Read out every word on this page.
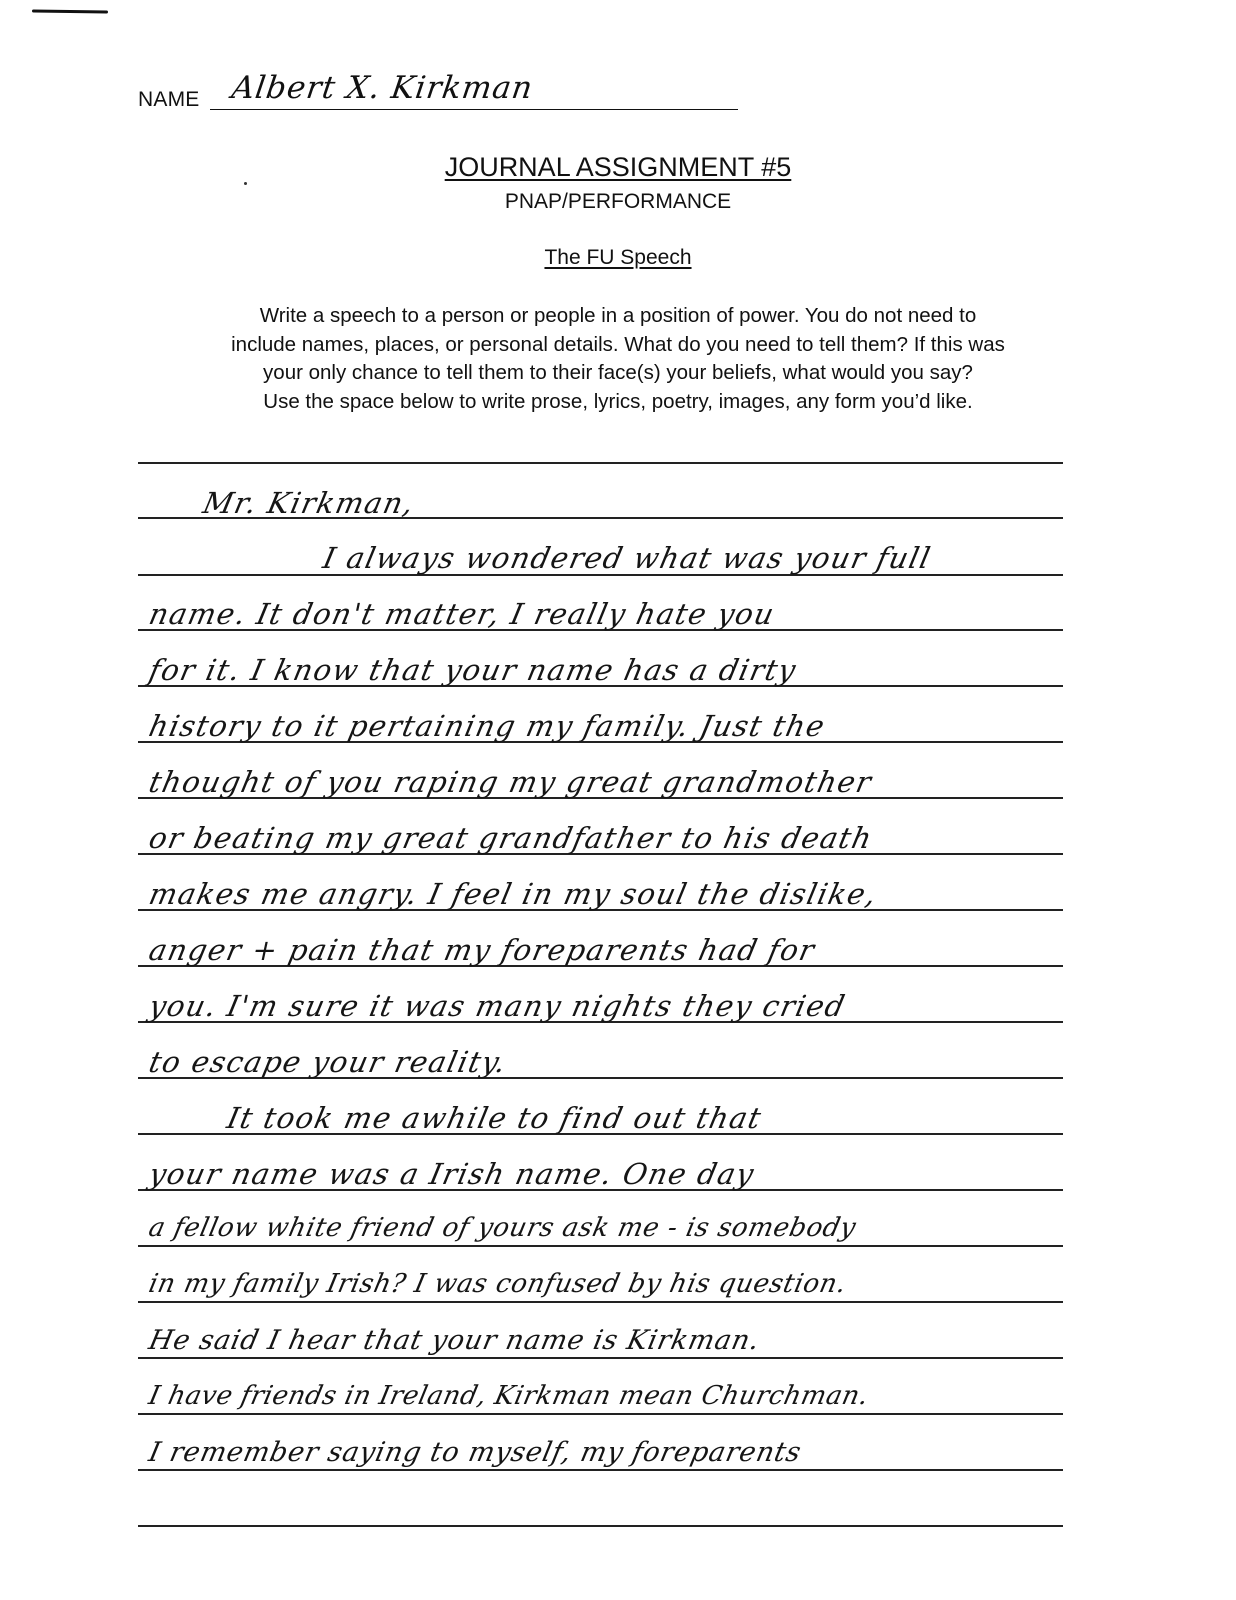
NAME Albert X. Kirkman
JOURNAL ASSIGNMENT #5
PNAP/PERFORMANCE
The FU Speech
Write a speech to a person or people in a position of power. You do not need to
include names, places, or personal details. What do you need to tell them? If this was
your only chance to tell them to their face(s) your beliefs, what would you say?
Use the space below to write prose, lyrics, poetry, images, any form you’d like.
Mr. Kirkman,
I always wondered what was your full
name. It don't matter, I really hate you
for it. I know that your name has a dirty
history to it pertaining my family. Just the
thought of you raping my great grandmother
or beating my great grandfather to his death
makes me angry. I feel in my soul the dislike,
anger + pain that my foreparents had for
you. I'm sure it was many nights they cried
to escape your reality.
It took me awhile to find out that
your name was a Irish name. One day
a fellow white friend of yours ask me - is somebody
in my family Irish? I was confused by his question.
He said I hear that your name is Kirkman.
I have friends in Ireland, Kirkman mean Churchman.
I remember saying to myself, my foreparents
